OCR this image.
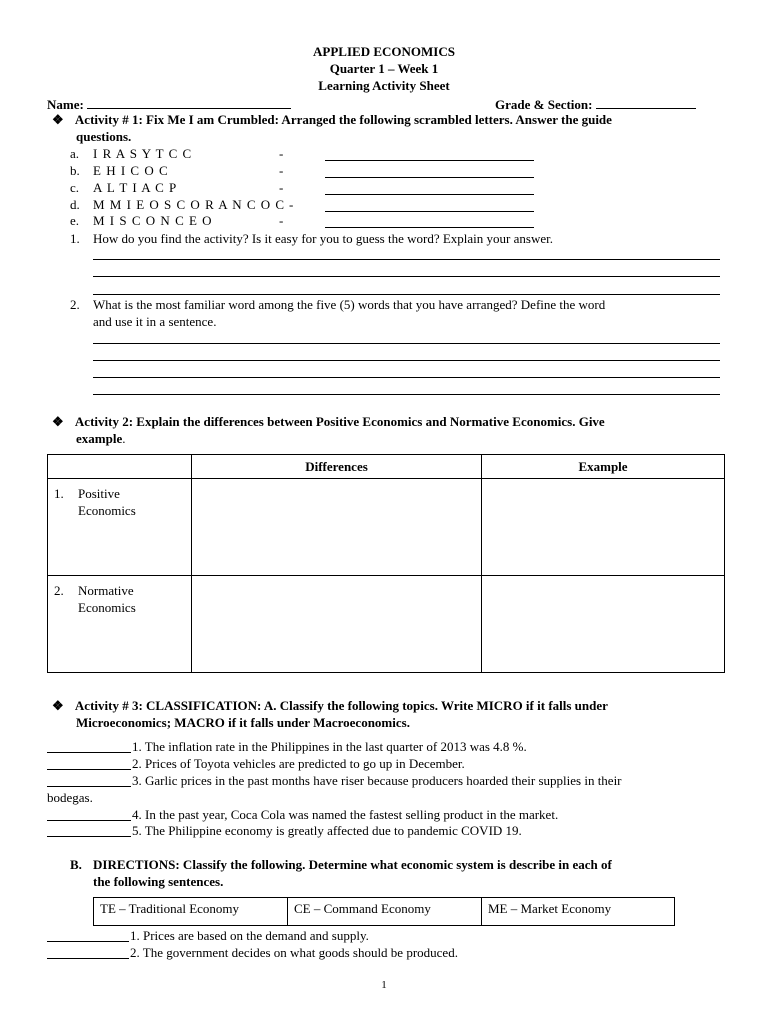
APPLIED ECONOMICS
Quarter 1 – Week 1
Learning Activity Sheet
Name:	Grade & Section:
❖ Activity # 1: Fix Me I am Crumbled: Arranged the following scrambled letters. Answer the guide
questions.
a. I R A S Y T C C	-
b. E H I C O C	-
c. A L T I A C P	-
d. M M I E O S C O R A N C O C -
e. M I S C O N C E O	-
1. How do you find the activity? Is it easy for you to guess the word? Explain your answer.
2. What is the most familiar word among the five (5) words that you have arranged? Define the word
and use it in a sentence.
❖ Activity 2: Explain the differences between Positive Economics and Normative Economics. Give
example.
	Differences	Example

1. Positive
Economics		

2. Normative
Economics		

❖ Activity # 3: CLASSIFICATION: A. Classify the following topics. Write MICRO if it falls under
Microeconomics; MACRO if it falls under Macroeconomics.
1. The inflation rate in the Philippines in the last quarter of 2013 was 4.8 %.
2. Prices of Toyota vehicles are predicted to go up in December.
3. Garlic prices in the past months have riser because producers hoarded their supplies in their
4. In the past year, Coca Cola was named the fastest selling product in the market.
5. The Philippine economy is greatly affected due to pandemic COVID 19.
bodegas.
B. DIRECTIONS: Classify the following. Determine what economic system is describe in each of
the following sentences.
TE – Traditional Economy	CE – Command Economy	ME – Market Economy
1. Prices are based on the demand and supply.
2. The government decides on what goods should be produced.
1
